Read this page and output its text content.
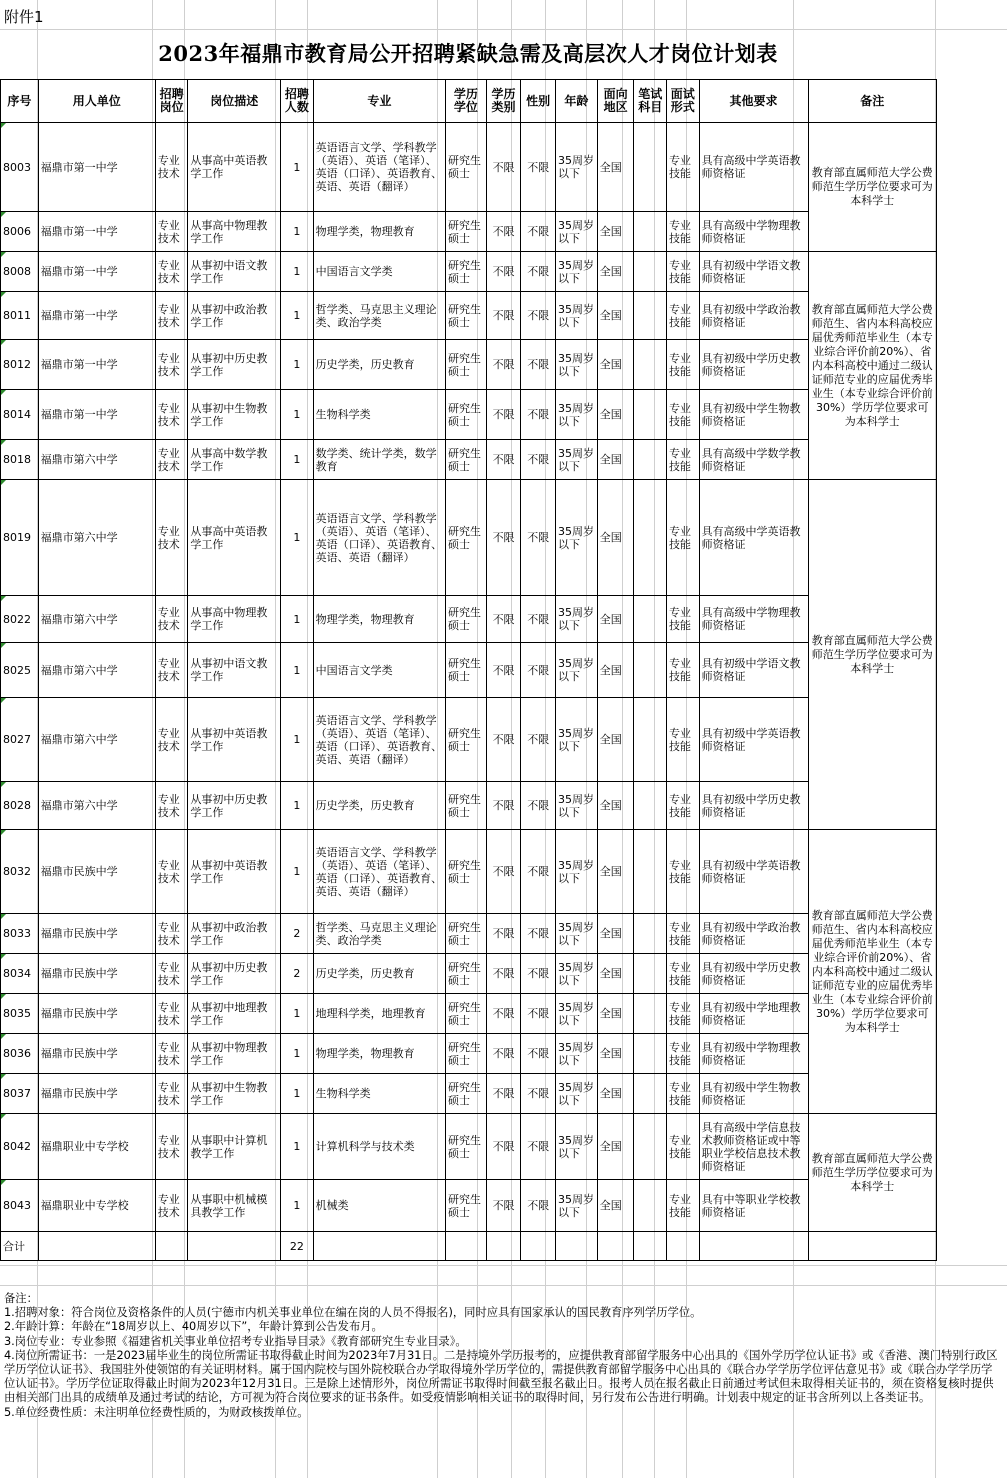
附件1
2023年福鼎市教育局公开招聘紧缺急需及高层次人才岗位计划表
序号	用人单位	招聘岗位	岗位描述	招聘人数	专业	学历学位	学历类别	性别	年龄	面向地区	笔试科目	面试形式	其他要求	备注
8003	福鼎市第一中学	专业技术	从事高中英语教学工作	1	英语语言文学、学科教学（英语）、英语（笔译）、英语（口译）、英语教育、英语、英语（翻译）	研究生硕士	不限	不限	35周岁以下	全国		专业技能	具有高级中学英语教师资格证	教育部直属师范大学公费师范生学历学位要求可为本科学士
8006	福鼎市第一中学	专业技术	从事高中物理教学工作	1	物理学类，物理教育	研究生硕士	不限	不限	35周岁以下	全国		专业技能	具有高级中学物理教师资格证	
8008	福鼎市第一中学	专业技术	从事初中语文教学工作	1	中国语言文学类	研究生硕士	不限	不限	35周岁以下	全国		专业技能	具有初级中学语文教师资格证	教育部直属师范大学公费师范生、省内本科高校应届优秀师范毕业生（本专业综合评价前20%）、省内本科高校中通过二级认证师范专业的应届优秀毕业生（本专业综合评价前30%）学历学位要求可为本科学士
8011	福鼎市第一中学	专业技术	从事初中政治教学工作	1	哲学类、马克思主义理论类、政治学类	研究生硕士	不限	不限	35周岁以下	全国		专业技能	具有初级中学政治教师资格证	
8012	福鼎市第一中学	专业技术	从事初中历史教学工作	1	历史学类，历史教育	研究生硕士	不限	不限	35周岁以下	全国		专业技能	具有初级中学历史教师资格证	
8014	福鼎市第一中学	专业技术	从事初中生物教学工作	1	生物科学类	研究生硕士	不限	不限	35周岁以下	全国		专业技能	具有初级中学生物教师资格证	
8018	福鼎市第六中学	专业技术	从事高中数学教学工作	1	数学类、统计学类，数学教育	研究生硕士	不限	不限	35周岁以下	全国		专业技能	具有高级中学数学教师资格证	
8019	福鼎市第六中学	专业技术	从事高中英语教学工作	1	英语语言文学、学科教学（英语）、英语（笔译）、英语（口译）、英语教育、英语、英语（翻译）	研究生硕士	不限	不限	35周岁以下	全国		专业技能	具有高级中学英语教师资格证	教育部直属师范大学公费师范生学历学位要求可为本科学士
8022	福鼎市第六中学	专业技术	从事高中物理教学工作	1	物理学类，物理教育	研究生硕士	不限	不限	35周岁以下	全国		专业技能	具有高级中学物理教师资格证	
8025	福鼎市第六中学	专业技术	从事初中语文教学工作	1	中国语言文学类	研究生硕士	不限	不限	35周岁以下	全国		专业技能	具有初级中学语文教师资格证	
8027	福鼎市第六中学	专业技术	从事初中英语教学工作	1	英语语言文学、学科教学（英语）、英语（笔译）、英语（口译）、英语教育、英语、英语（翻译）	研究生硕士	不限	不限	35周岁以下	全国		专业技能	具有初级中学英语教师资格证	
8028	福鼎市第六中学	专业技术	从事初中历史教学工作	1	历史学类，历史教育	研究生硕士	不限	不限	35周岁以下	全国		专业技能	具有初级中学历史教师资格证	
8032	福鼎市民族中学	专业技术	从事初中英语教学工作	1	英语语言文学、学科教学（英语）、英语（笔译）、英语（口译）、英语教育、英语、英语（翻译）	研究生硕士	不限	不限	35周岁以下	全国		专业技能	具有初级中学英语教师资格证	教育部直属师范大学公费师范生、省内本科高校应届优秀师范毕业生（本专业综合评价前20%）、省内本科高校中通过二级认证师范专业的应届优秀毕业生（本专业综合评价前30%）学历学位要求可为本科学士
8033	福鼎市民族中学	专业技术	从事初中政治教学工作	2	哲学类、马克思主义理论类、政治学类	研究生硕士	不限	不限	35周岁以下	全国		专业技能	具有初级中学政治教师资格证	
8034	福鼎市民族中学	专业技术	从事初中历史教学工作	2	历史学类，历史教育	研究生硕士	不限	不限	35周岁以下	全国		专业技能	具有初级中学历史教师资格证	
8035	福鼎市民族中学	专业技术	从事初中地理教学工作	1	地理科学类，地理教育	研究生硕士	不限	不限	35周岁以下	全国		专业技能	具有初级中学地理教师资格证	
8036	福鼎市民族中学	专业技术	从事初中物理教学工作	1	物理学类，物理教育	研究生硕士	不限	不限	35周岁以下	全国		专业技能	具有初级中学物理教师资格证	
8037	福鼎市民族中学	专业技术	从事初中生物教学工作	1	生物科学类	研究生硕士	不限	不限	35周岁以下	全国		专业技能	具有初级中学生物教师资格证	
8042	福鼎职业中专学校	专业技术	从事职中计算机教学工作	1	计算机科学与技术类	研究生硕士	不限	不限	35周岁以下	全国		专业技能	具有高级中学信息技术教师资格证或中等职业学校信息技术教师资格证	教育部直属师范大学公费师范生学历学位要求可为本科学士
8043	福鼎职业中专学校	专业技术	从事职中机械模具教学工作	1	机械类	研究生硕士	不限	不限	35周岁以下	全国		专业技能	具有中等职业学校教师资格证	
合计				22										
备注：
1.招聘对象：符合岗位及资格条件的人员(宁德市内机关事业单位在编在岗的人员不得报名)，同时应具有国家承认的国民教育序列学历学位。
2.年龄计算：年龄在“18周岁以上、40周岁以下”，年龄计算到公告发布月。
3.岗位专业：专业参照《福建省机关事业单位招考专业指导目录》《教育部研究生专业目录》。
4.岗位所需证书：一是2023届毕业生的岗位所需证书取得截止时间为2023年7月31日。二是持境外学历报考的，应提供教育部留学服务中心出具的《国外学历学位认证书》或《香港、澳门特别行政区学历学位认证书》、我国驻外使领馆的有关证明材料。属于国内院校与国外院校联合办学取得境外学历学位的，需提供教育部留学服务中心出具的《联合办学学历学位评估意见书》或《联合办学学历学位认证书》。学历学位证取得截止时间为2023年12月31日。三是除上述情形外，岗位所需证书取得时间截至报名截止日。报考人员在报名截止日前通过考试但未取得相关证书的，须在资格复核时提供由相关部门出具的成绩单及通过考试的结论，方可视为符合岗位要求的证书条件。如受疫情影响相关证书的取得时间，另行发布公告进行明确。计划表中规定的证书含所列以上各类证书。
5.单位经费性质：未注明单位经费性质的，为财政核拨单位。
